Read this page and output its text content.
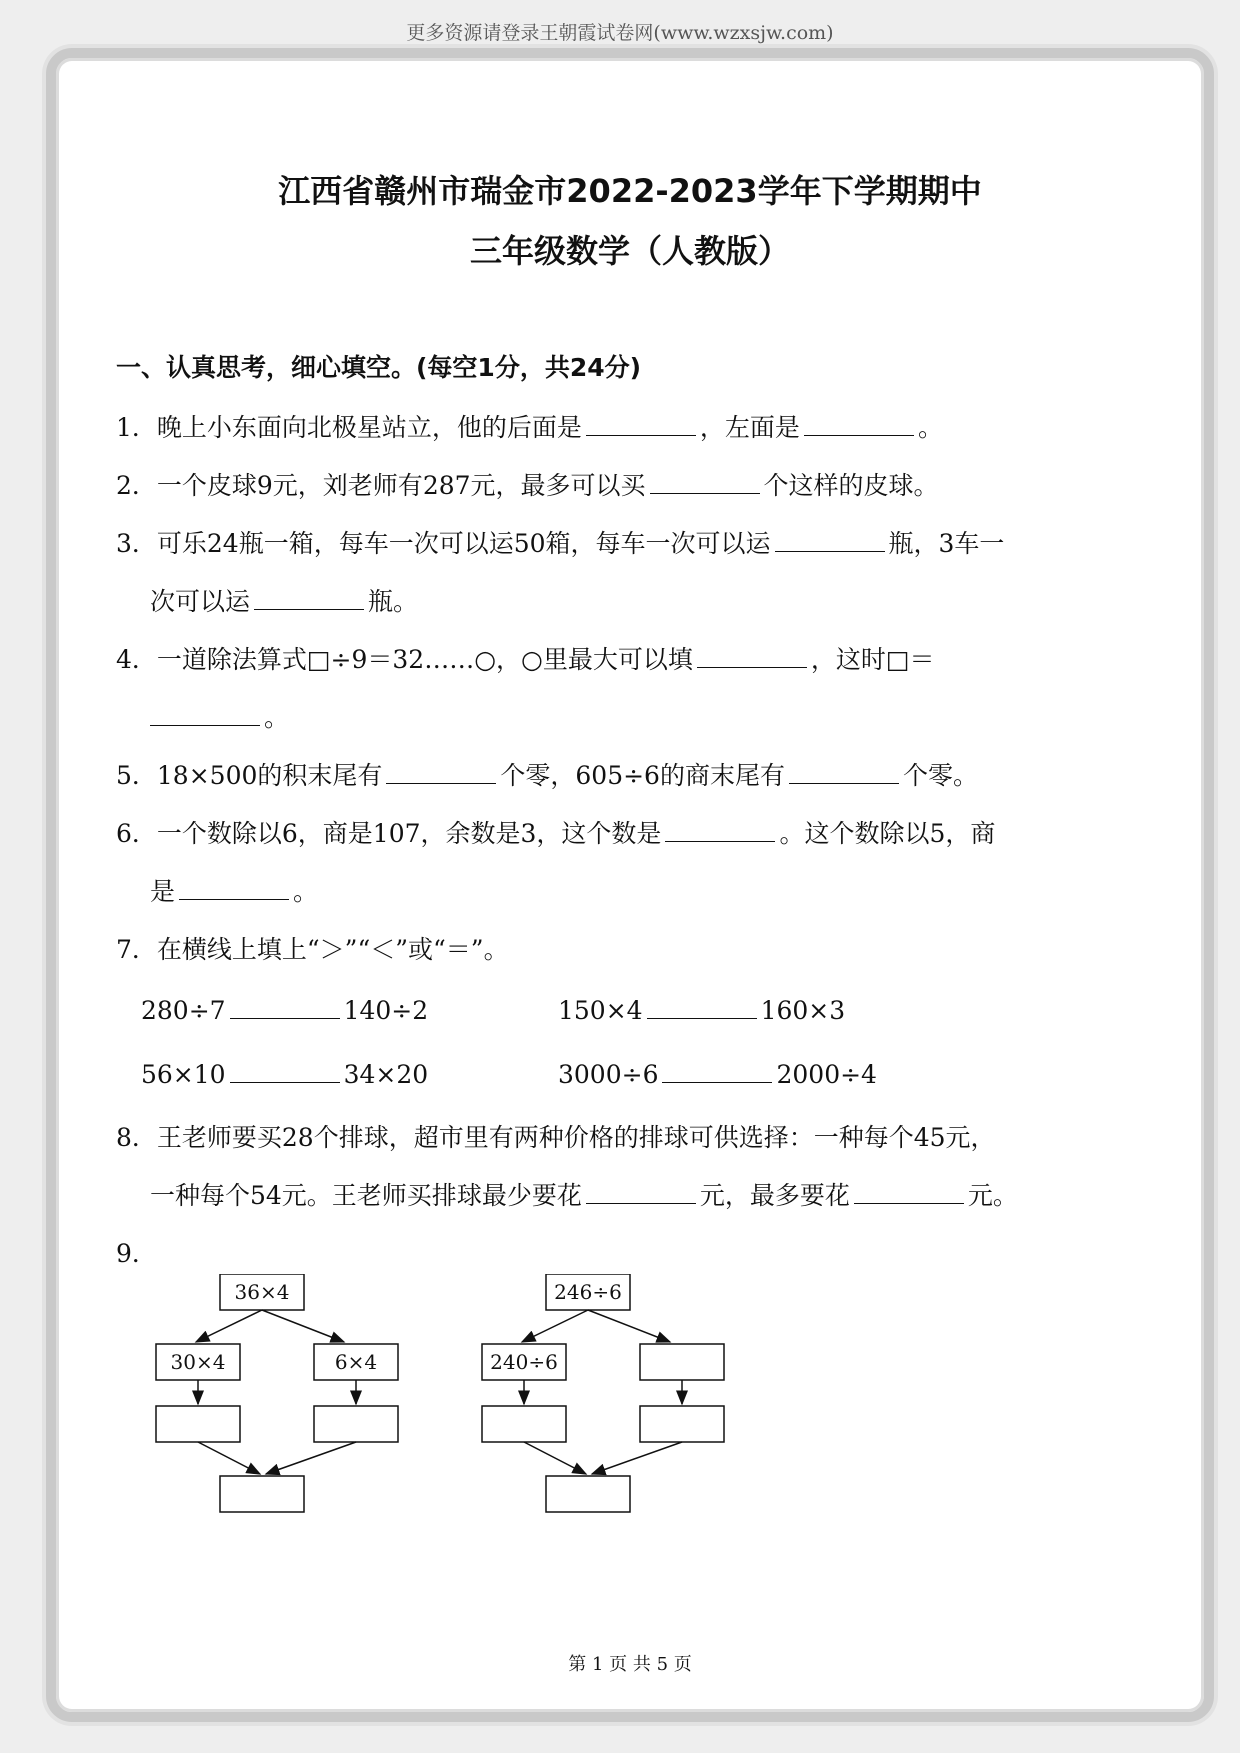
更多资源请登录王朝霞试卷网(www.wzxsjw.com)
江西省赣州市瑞金市2022-2023学年下学期期中
三年级数学（人教版）
一、认真思考，细心填空。(每空1分，共24分)
1．晚上小东面向北极星站立，他的后面是	，左面是	。
2．一个皮球9元，刘老师有287元，最多可以买	个这样的皮球。
3．可乐24瓶一箱，每车一次可以运50箱，每车一次可以运	瓶，3车一
次可以运	瓶。
4．一道除法算式□÷9＝32……○，○里最大可以填	，这时□＝
。
5．18×500的积末尾有	个零，605÷6的商末尾有	个零。
6．一个数除以6，商是107，余数是3，这个数是	。这个数除以5，商
是	。
7．在横线上填上“＞”“＜”或“＝”。
280÷7	140÷2	150×4	160×3
56×10	34×20	3000÷6	2000÷4
8．王老师要买28个排球，超市里有两种价格的排球可供选择：一种每个45元，
一种每个54元。王老师买排球最少要花	元，最多要花	元。
9．
36×4
30×4	6×4
246÷6
240÷6
第 1 页 共 5 页
